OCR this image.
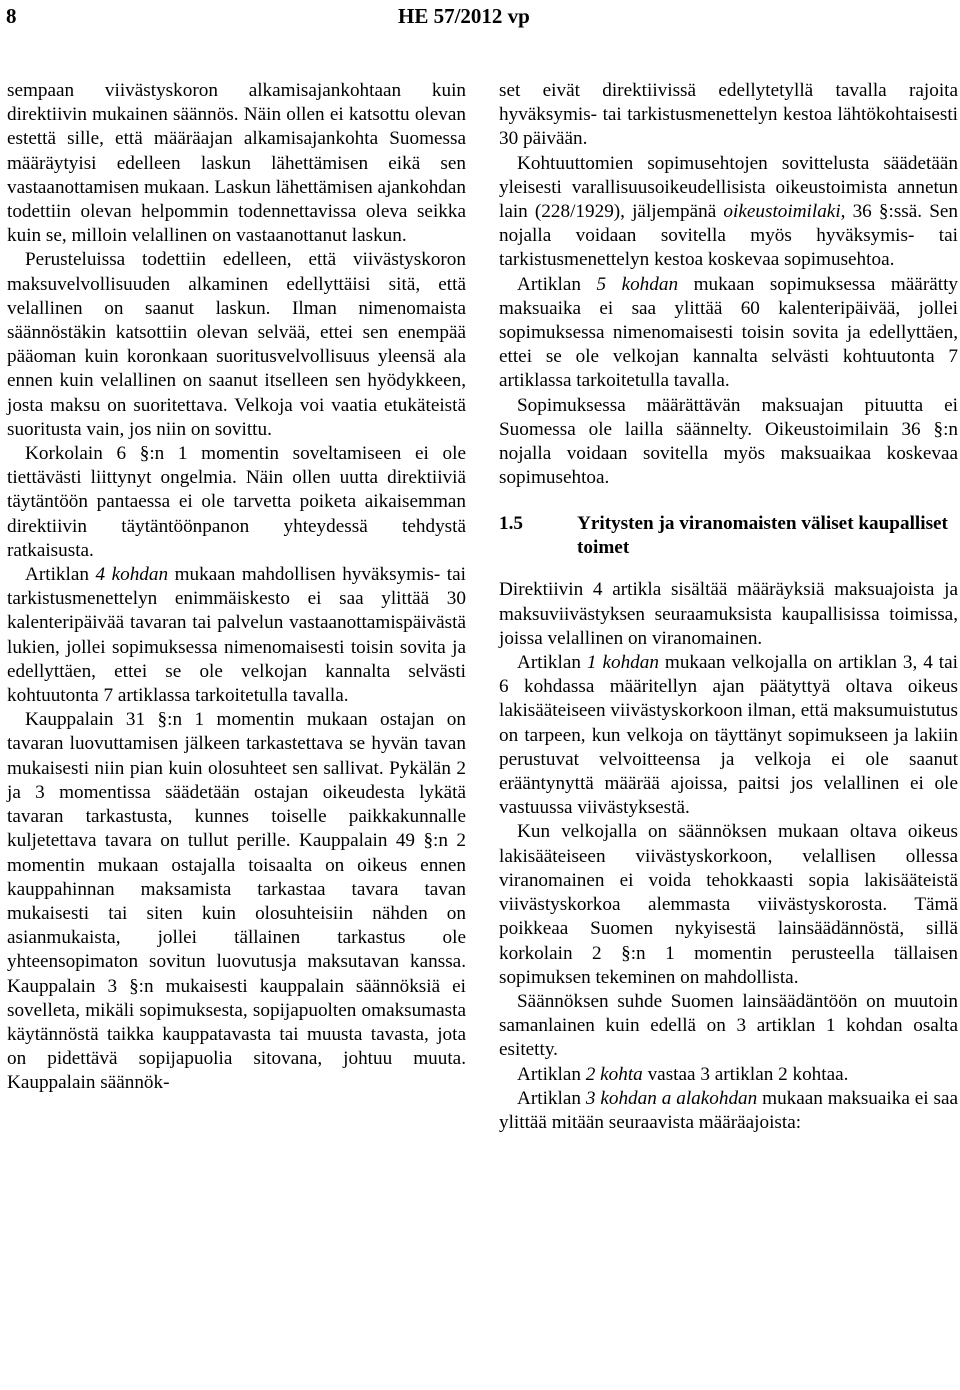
8	HE 57/2012 vp

sempaan viivästyskoron alkamisajankohtaan kuin direktiivin mukainen säännös. Näin ollen ei katsottu olevan estettä sille, että määräajan alkamisajankohta Suomessa määräytyisi edelleen laskun lähettämisen eikä sen vastaanottamisen mukaan. Laskun lähettämisen ajankohdan todettiin olevan helpommin todennettavissa oleva seikka kuin se, milloin velallinen on vastaanottanut laskun.

Perusteluissa todettiin edelleen, että viivästyskoron maksuvelvollisuuden alkaminen edellyttäisi sitä, että velallinen on saanut laskun. Ilman nimenomaista säännöstäkin katsottiin olevan selvää, ettei sen enempää pääoman kuin koronkaan suoritusvelvollisuus yleensä ala ennen kuin velallinen on saanut itselleen sen hyödykkeen, josta maksu on suoritettava. Velkoja voi vaatia etukäteistä suoritusta vain, jos niin on sovittu.

Korkolain 6 §:n 1 momentin soveltamiseen ei ole tiettävästi liittynyt ongelmia. Näin ollen uutta direktiiviä täytäntöön pantaessa ei ole tarvetta poiketa aikaisemman direktiivin täytäntöönpanon yhteydessä tehdystä ratkaisusta.

Artiklan 4 kohdan mukaan mahdollisen hyväksymis- tai tarkistusmenettelyn enimmäiskesto ei saa ylittää 30 kalenteripäivää tavaran tai palvelun vastaanottamispäivästä lukien, jollei sopimuksessa nimenomaisesti toisin sovita ja edellyttäen, ettei se ole velkojan kannalta selvästi kohtuutonta 7 artiklassa tarkoitetulla tavalla.

Kauppalain 31 §:n 1 momentin mukaan ostajan on tavaran luovuttamisen jälkeen tarkastettava se hyvän tavan mukaisesti niin pian kuin olosuhteet sen sallivat. Pykälän 2 ja 3 momentissa säädetään ostajan oikeudesta lykätä tavaran tarkastusta, kunnes toiselle paikkakunnalle kuljetettava tavara on tullut perille. Kauppalain 49 §:n 2 momentin mukaan ostajalla toisaalta on oikeus ennen kauppahinnan maksamista tarkastaa tavara tavan mukaisesti tai siten kuin olosuhteisiin nähden on asianmukaista, jollei tällainen tarkastus ole yhteensopimaton sovitun luovutusja maksutavan kanssa. Kauppalain 3 §:n mukaisesti kauppalain säännöksiä ei sovelleta, mikäli sopimuksesta, sopijapuolten omaksumasta käytännöstä taikka kauppatavasta tai muusta tavasta, jota on pidettävä sopijapuolia sitovana, johtuu muuta. Kauppalain säännök-

set eivät direktiivissä edellytetyllä tavalla rajoita hyväksymis- tai tarkistusmenettelyn kestoa lähtökohtaisesti 30 päivään.

Kohtuuttomien sopimusehtojen sovittelusta säädetään yleisesti varallisuusoikeudellisista oikeustoimista annetun lain (228/1929), jäljempänä oikeustoimilaki, 36 §:ssä. Sen nojalla voidaan sovitella myös hyväksymis- tai tarkistusmenettelyn kestoa koskevaa sopimusehtoa.

Artiklan 5 kohdan mukaan sopimuksessa määrätty maksuaika ei saa ylittää 60 kalenteripäivää, jollei sopimuksessa nimenomaisesti toisin sovita ja edellyttäen, ettei se ole velkojan kannalta selvästi kohtuutonta 7 artiklassa tarkoitetulla tavalla.

Sopimuksessa määrättävän maksuajan pituutta ei Suomessa ole lailla säännelty. Oikeustoimilain 36 §:n nojalla voidaan sovitella myös maksuaikaa koskevaa sopimusehtoa.

1.5	Yritysten ja viranomaisten väliset kaupalliset toimet

Direktiivin 4 artikla sisältää määräyksiä maksuajoista ja maksuviivästyksen seuraamuksista kaupallisissa toimissa, joissa velallinen on viranomainen.

Artiklan 1 kohdan mukaan velkojalla on artiklan 3, 4 tai 6 kohdassa määritellyn ajan päätyttyä oltava oikeus lakisääteiseen viivästyskorkoon ilman, että maksumuistutus on tarpeen, kun velkoja on täyttänyt sopimukseen ja lakiin perustuvat velvoitteensa ja velkoja ei ole saanut erääntynyttä määrää ajoissa, paitsi jos velallinen ei ole vastuussa viivästyksestä.

Kun velkojalla on säännöksen mukaan oltava oikeus lakisääteiseen viivästyskorkoon, velallisen ollessa viranomainen ei voida tehokkaasti sopia lakisääteistä viivästyskorkoa alemmasta viivästyskorosta. Tämä poikkeaa Suomen nykyisestä lainsäädännöstä, sillä korkolain 2 §:n 1 momentin perusteella tällaisen sopimuksen tekeminen on mahdollista.

Säännöksen suhde Suomen lainsäädäntöön on muutoin samanlainen kuin edellä on 3 artiklan 1 kohdan osalta esitetty.

Artiklan 2 kohta vastaa 3 artiklan 2 kohtaa.

Artiklan 3 kohdan a alakohdan mukaan maksuaika ei saa ylittää mitään seuraavista määräajoista:
